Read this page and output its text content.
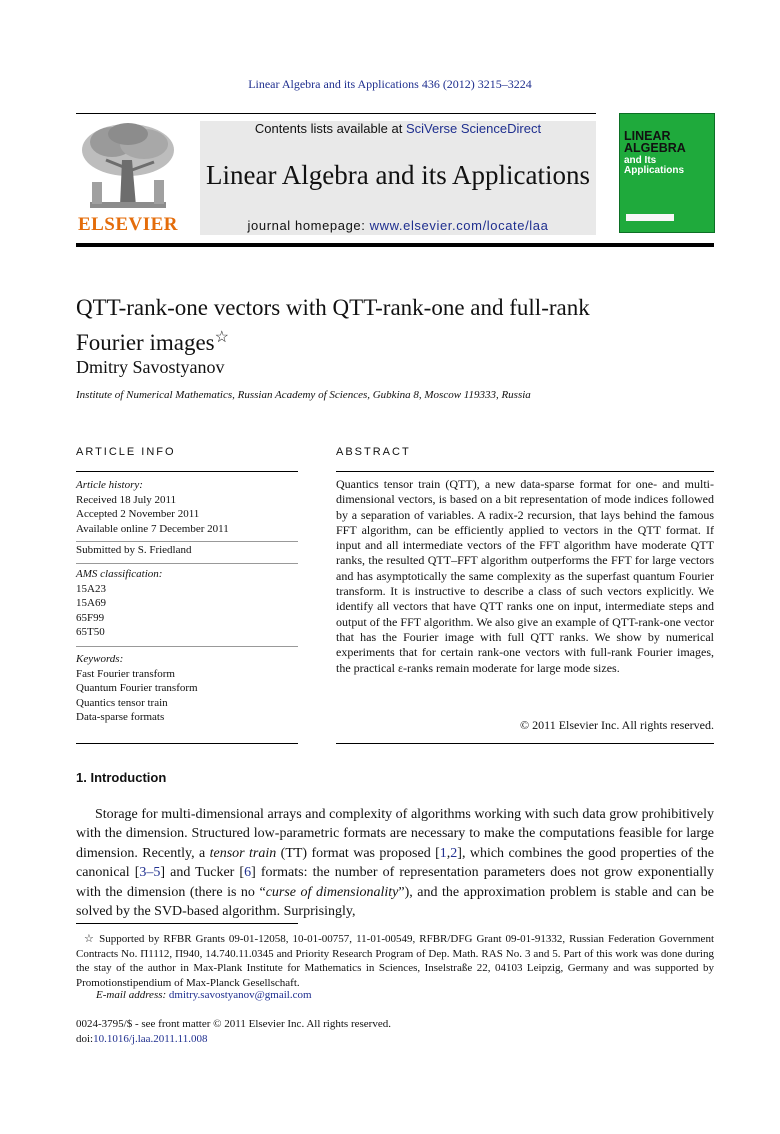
Linear Algebra and its Applications 436 (2012) 3215–3224
ELSEVIER
Contents lists available at SciVerse ScienceDirect
Linear Algebra and its Applications
journal homepage: www.elsevier.com/locate/laa
LINEAR
ALGEBRA
and Its
Applications
QTT-rank-one vectors with QTT-rank-one and full-rank
Fourier images☆
Dmitry Savostyanov
Institute of Numerical Mathematics, Russian Academy of Sciences, Gubkina 8, Moscow 119333, Russia
ARTICLE INFO	ABSTRACT
Article history:
Received 18 July 2011
Accepted 2 November 2011
Available online 7 December 2011
Submitted by S. Friedland
AMS classification:
15A23
15A69
65F99
65T50
Keywords:
Fast Fourier transform
Quantum Fourier transform
Quantics tensor train
Data-sparse formats
Quantics tensor train (QTT), a new data-sparse format for one- and multi-dimensional vectors, is based on a bit representation of mode indices followed by a separation of variables. A radix-2 recursion, that lays behind the famous FFT algorithm, can be efficiently applied to vectors in the QTT format. If input and all intermediate vectors of the FFT algorithm have moderate QTT ranks, the resulted QTT–FFT algorithm outperforms the FFT for large vectors and has asymptotically the same complexity as the superfast quantum Fourier transform. It is instructive to describe a class of such vectors explicitly. We identify all vectors that have QTT ranks one on input, intermediate steps and output of the FFT algorithm. We also give an example of QTT-rank-one vector that has the Fourier image with full QTT ranks. We show by numerical experiments that for certain rank-one vectors with full-rank Fourier images, the practical ε-ranks remain moderate for large mode sizes.
© 2011 Elsevier Inc. All rights reserved.
1. Introduction
Storage for multi-dimensional arrays and complexity of algorithms working with such data grow prohibitively with the dimension. Structured low-parametric formats are necessary to make the computations feasible for large dimension. Recently, a tensor train (TT) format was proposed [1,2], which combines the good properties of the canonical [3–5] and Tucker [6] formats: the number of representation parameters does not grow exponentially with the dimension (there is no “curse of dimensionality”), and the approximation problem is stable and can be solved by the SVD-based algorithm. Surprisingly,
☆ Supported by RFBR Grants 09-01-12058, 10-01-00757, 11-01-00549, RFBR/DFG Grant 09-01-91332, Russian Federation Government Contracts No. Π1112, Π940, 14.740.11.0345 and Priority Research Program of Dep. Math. RAS No. 3 and 5. Part of this work was done during the stay of the author in Max-Plank Institute for Mathematics in Sciences, Inselstraße 22, 04103 Leipzig, Germany and was supported by Promotionstipendium of Max-Planck Gesellschaft.
E-mail address: dmitry.savostyanov@gmail.com
0024-3795/$ - see front matter © 2011 Elsevier Inc. All rights reserved.
doi:10.1016/j.laa.2011.11.008
